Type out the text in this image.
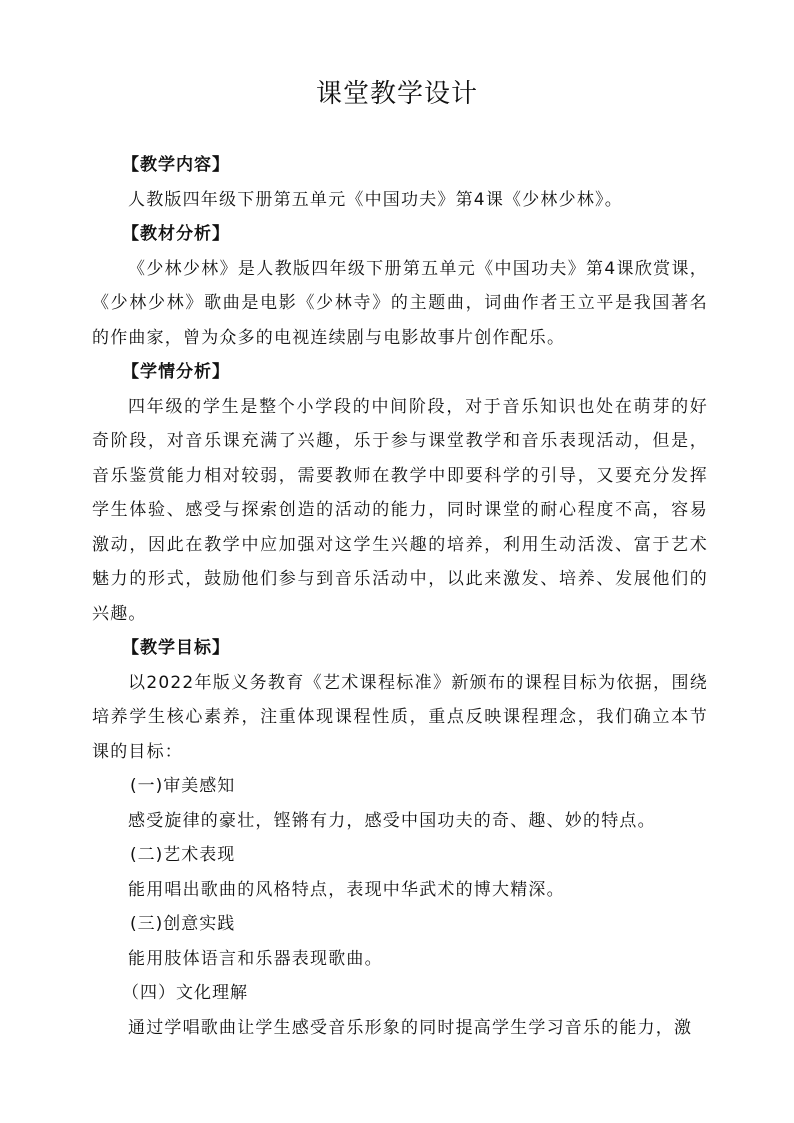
课堂教学设计
【教学内容】
人教版四年级下册第五单元《中国功夫》第4课《少林少林》。
【教材分析】
《少林少林》是人教版四年级下册第五单元《中国功夫》第4课欣赏课，《少林少林》歌曲是电影《少林寺》的主题曲，词曲作者王立平是我国著名的作曲家，曾为众多的电视连续剧与电影故事片创作配乐。
【学情分析】
四年级的学生是整个小学段的中间阶段，对于音乐知识也处在萌芽的好奇阶段，对音乐课充满了兴趣，乐于参与课堂教学和音乐表现活动，但是，音乐鉴赏能力相对较弱，需要教师在教学中即要科学的引导，又要充分发挥学生体验、感受与探索创造的活动的能力，同时课堂的耐心程度不高，容易激动，因此在教学中应加强对这学生兴趣的培养，利用生动活泼、富于艺术魅力的形式，鼓励他们参与到音乐活动中，以此来激发、培养、发展他们的兴趣。
【教学目标】
以2022年版义务教育《艺术课程标准》新颁布的课程目标为依据，围绕培养学生核心素养，注重体现课程性质，重点反映课程理念，我们确立本节课的目标：
(一)审美感知
感受旋律的豪壮，铿锵有力，感受中国功夫的奇、趣、妙的特点。
(二)艺术表现
能用唱出歌曲的风格特点，表现中华武术的博大精深。
(三)创意实践
能用肢体语言和乐器表现歌曲。
（四）文化理解
通过学唱歌曲让学生感受音乐形象的同时提高学生学习音乐的能力，激
